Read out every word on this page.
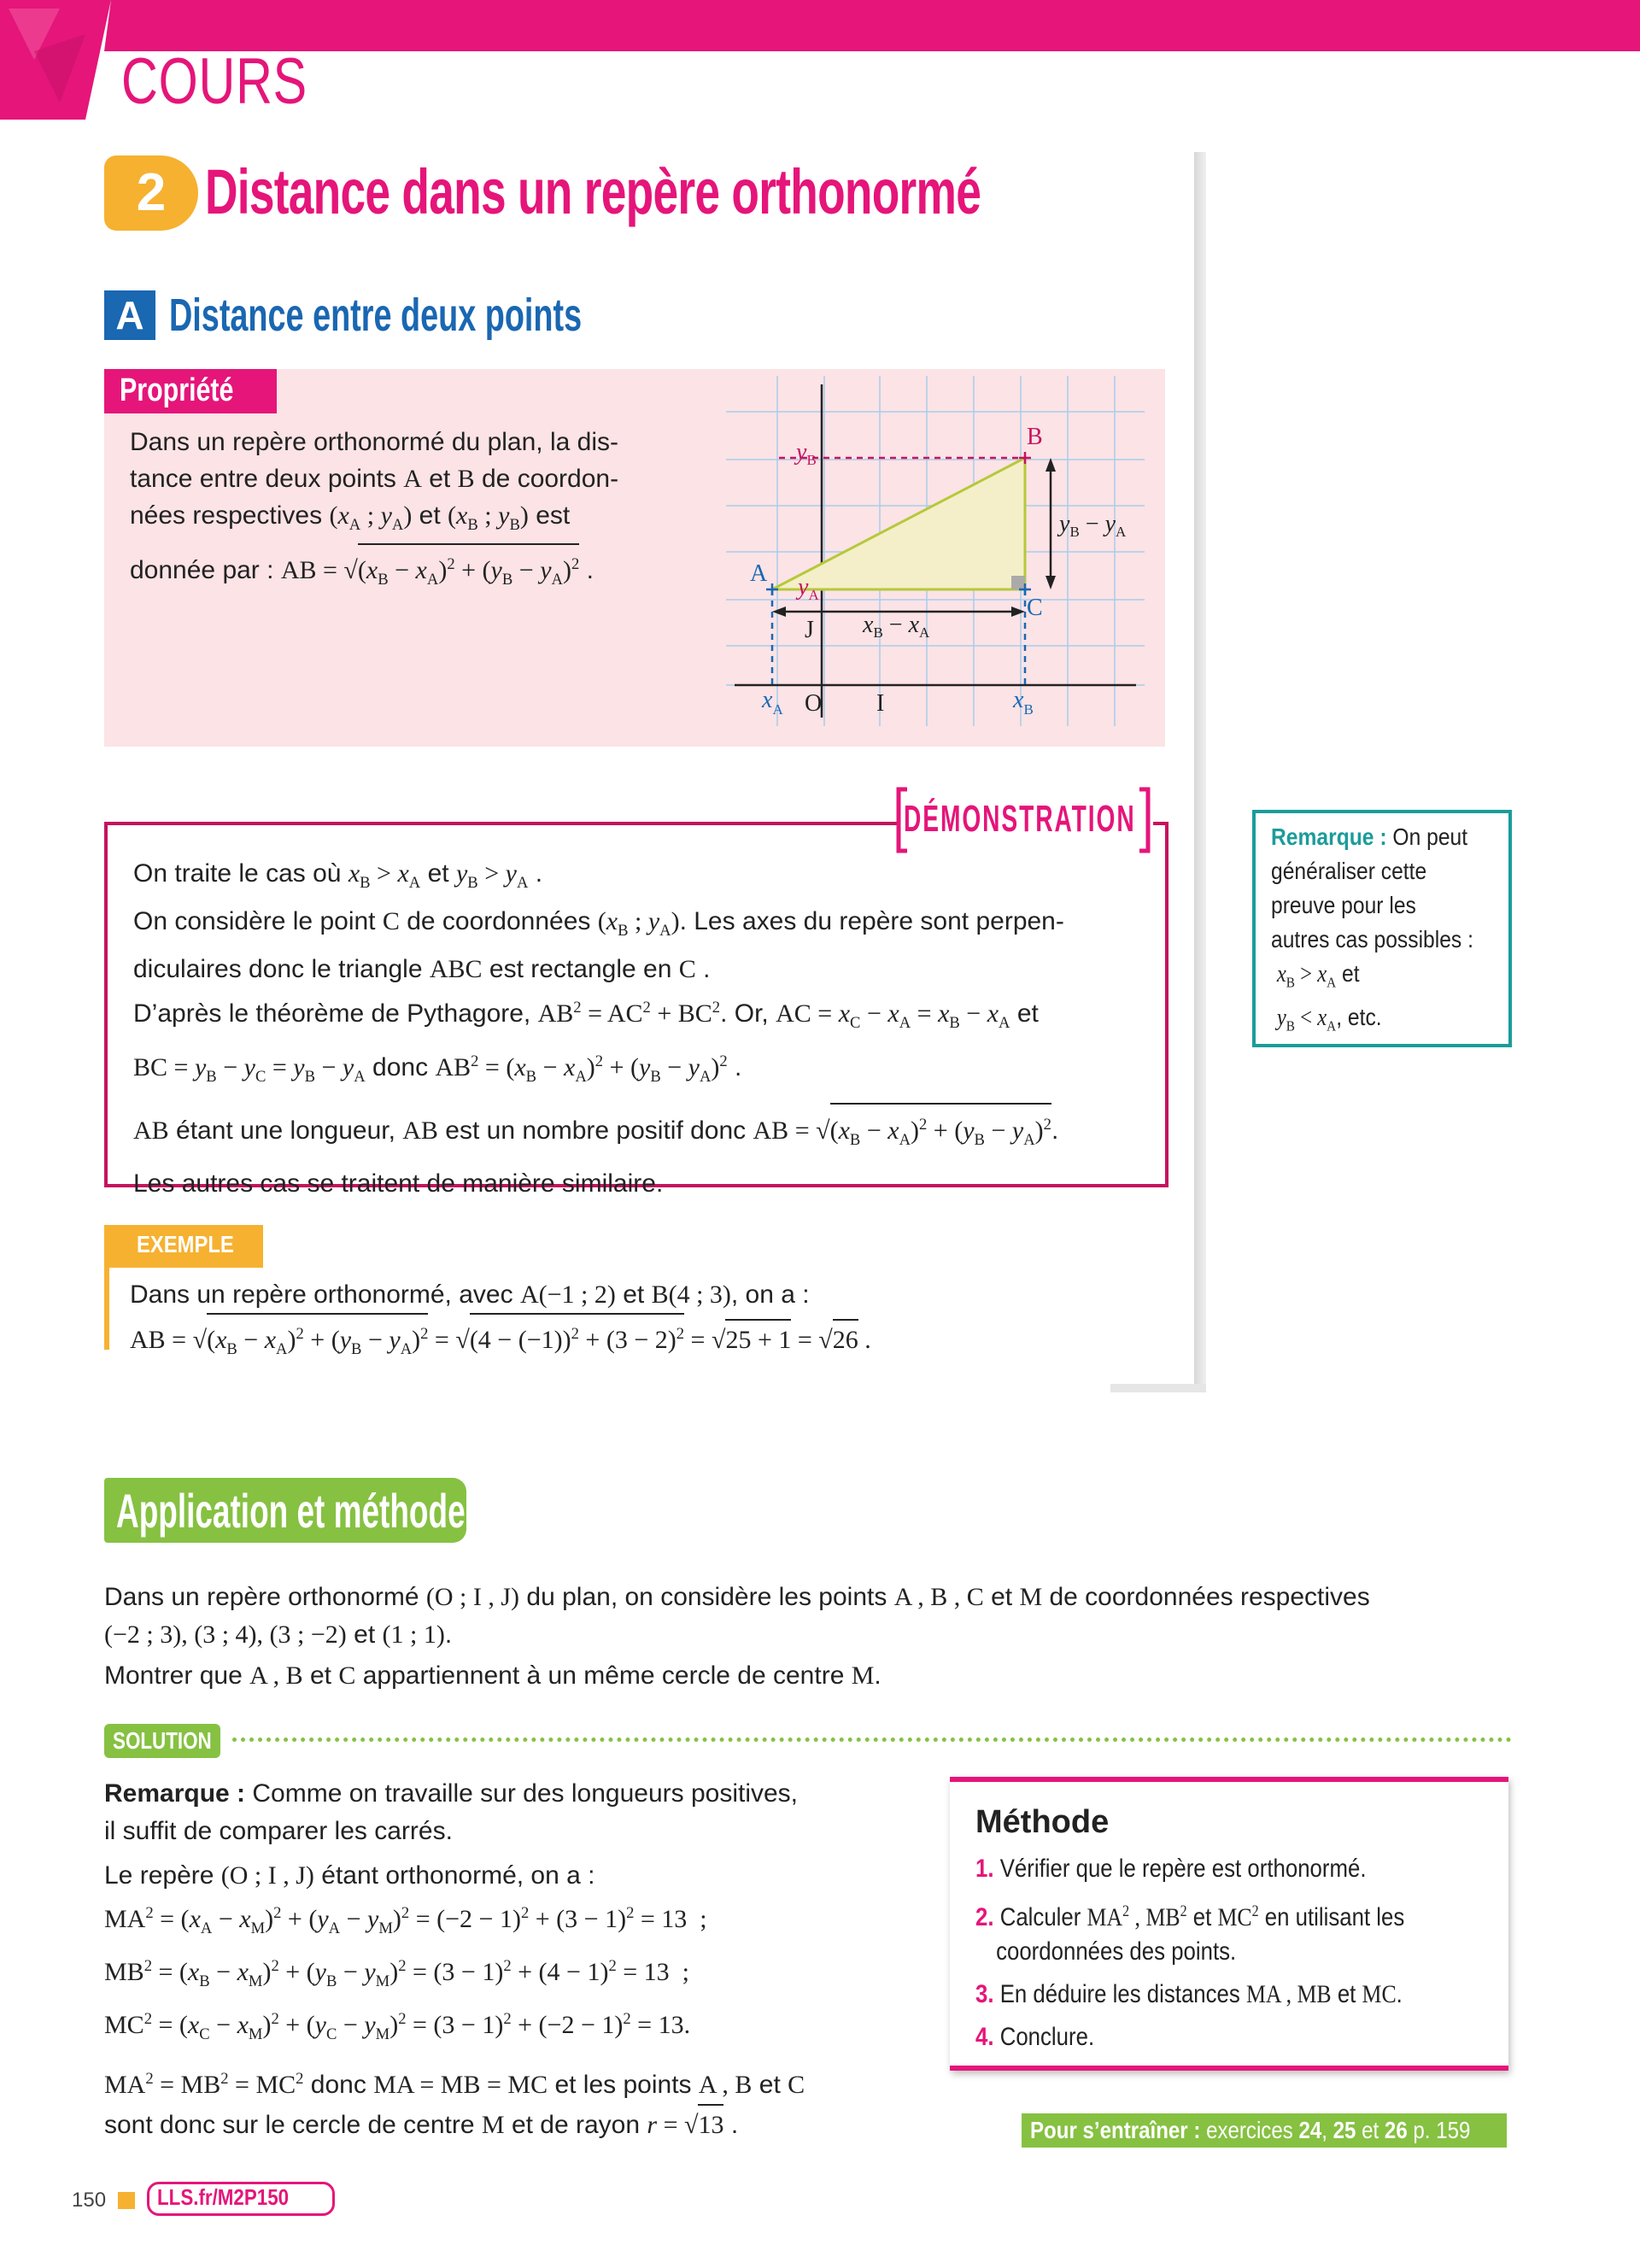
COURS
2 Distance dans un repère orthonormé
A Distance entre deux points
Propriété
Dans un repère orthonormé du plan, la dis-
tance entre deux points A et B de coordon-
nées respectives ($x_A$ ; $y_A$) et ($x_B$ ; $y_B$) est
donnée par : AB = $√(x_B - x_A)^2 + (y_B - y_A)^2$ .
B
A
C
O I
J
$y_B$
$y_A$
$y_B - y_A$
$x_B - x_A$
$x_A$	$x_B$
DÉMONSTRATION
On traite le cas où $x_B > x_A$ et $y_B > y_A$ .
On considère le point C de coordonnées ($x_B$ ; $y_A$). Les axes du repère sont perpen-
diculaires donc le triangle ABC est rectangle en C .
D’après le théorème de Pythagore, $AB^2 = AC^2 + BC^2$. Or, AC = $x_C - x_A = x_B - x_A$ et
BC = $y_B - y_C = y_B - y_A$ donc $AB^2 = (x_B - x_A)^2 + (y_B - y_A)^2$ .
AB étant une longueur, AB est un nombre positif donc AB = $√(x_B - x_A)^2 + (y_B - y_A)^2$.
Les autres cas se traitent de manière similaire.
Remarque : On peut
généraliser cette
preuve pour les
autres cas possibles :
$x_B > x_A$ et
$y_B < x_A$, etc.
EXEMPLE
Dans un repère orthonormé, avec A(−1 ; 2) et B(4 ; 3), on a :
AB = $√(x_B - x_A)^2 + (y_B - y_A)^2 = √(4 - (-1))^2 + (3 - 2)^2 = √25 + 1 = √26$ .
Application et méthode
Dans un repère orthonormé (O ; I , J) du plan, on considère les points A , B , C et M de coordonnées respectives
(−2 ; 3), (3 ; 4), (3 ; −2) et (1 ; 1).
Montrer que A , B et C appartiennent à un même cercle de centre M.
SOLUTION
Remarque : Comme on travaille sur des longueurs positives,
il suffit de comparer les carrés.
Le repère (O ; I , J) étant orthonormé, on a :
$MA^2 = (x_A - x_M)^2 + (y_A - y_M)^2 = (-2 - 1)^2 + (3 - 1)^2 = 13$  ;
$MB^2 = (x_B - x_M)^2 + (y_B - y_M)^2 = (3 - 1)^2 + (4 - 1)^2 = 13$  ;
$MC^2 = (x_C - x_M)^2 + (y_C - y_M)^2 = (3 - 1)^2 + (-2 - 1)^2 = 13$.
$MA^2 = MB^2 = MC^2$ donc MA = MB = MC et les points A , B et C
sont donc sur le cercle de centre M et de rayon r = √13 .
Méthode
1. Vérifier que le repère est orthonormé.
2. Calculer $MA^2$ , $MB^2$ et $MC^2$ en utilisant les
coordonnées des points.
3. En déduire les distances MA , MB et MC.
4. Conclure.
Pour s’entraîner : exercices 24, 25 et 26 p. 159
150 LLS.fr/M2P150
